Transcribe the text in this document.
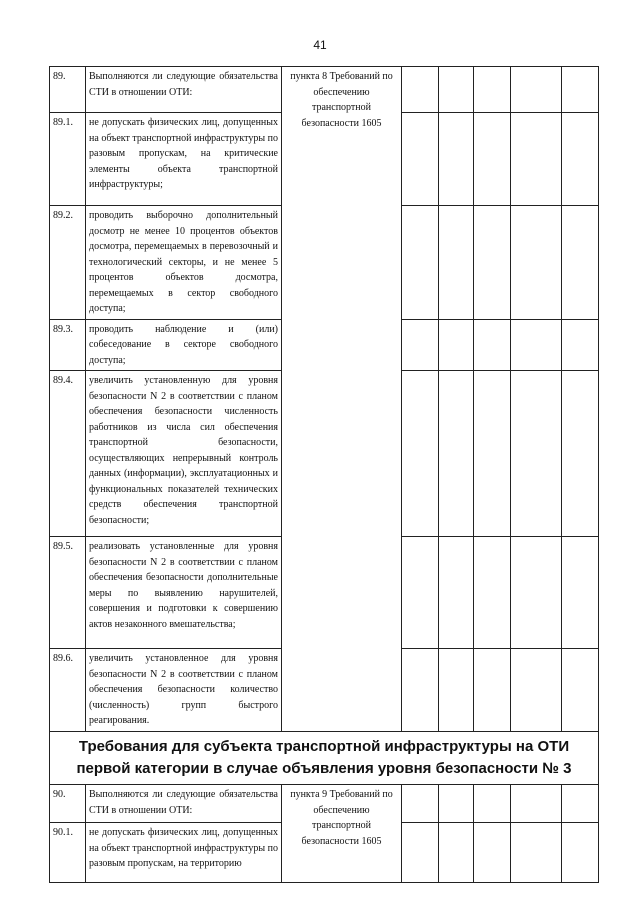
41
89.	Выполняются ли следующие обязательства СТИ в отношении ОТИ:	пункта 8 Требований по обеспечению транспортной безопасности 1605					
89.1.	не допускать физических лиц, допущенных на объект транспортной инфраструктуры по разовым пропускам, на критические элементы объекта транспортной инфраструктуры;						
89.2.	проводить выборочно дополнительный досмотр не менее 10 процентов объектов досмотра, перемещаемых в перевозочный и технологический секторы, и не менее 5 процентов объектов досмотра, перемещаемых в сектор свободного доступа;						
89.3.	проводить наблюдение и (или) собеседование в секторе свободного доступа;						
89.4.	увеличить установленную для уровня безопасности N 2 в соответствии с планом обеспечения безопасности численность работников из числа сил обеспечения транспортной безопасности, осуществляющих непрерывный контроль данных (информации), эксплуатационных и функциональных показателей технических средств обеспечения транспортной безопасности;						
89.5.	реализовать установленные для уровня безопасности N 2 в соответствии с планом обеспечения безопасности дополнительные меры по выявлению нарушителей, совершения и подготовки к совершению актов незаконного вмешательства;						
89.6.	увеличить установленное для уровня безопасности N 2 в соответствии с планом обеспечения безопасности количество (численность) групп быстрого реагирования.						
Требования для субъекта транспортной инфраструктуры на ОТИ первой категории в случае объявления уровня безопасности № 3							
90.	Выполняются ли следующие обязательства СТИ в отношении ОТИ:	пункта 9 Требований по обеспечению транспортной безопасности 1605					
90.1.	не допускать физических лиц, допущенных на объект транспортной инфраструктуры по разовым пропускам, на территорию						
